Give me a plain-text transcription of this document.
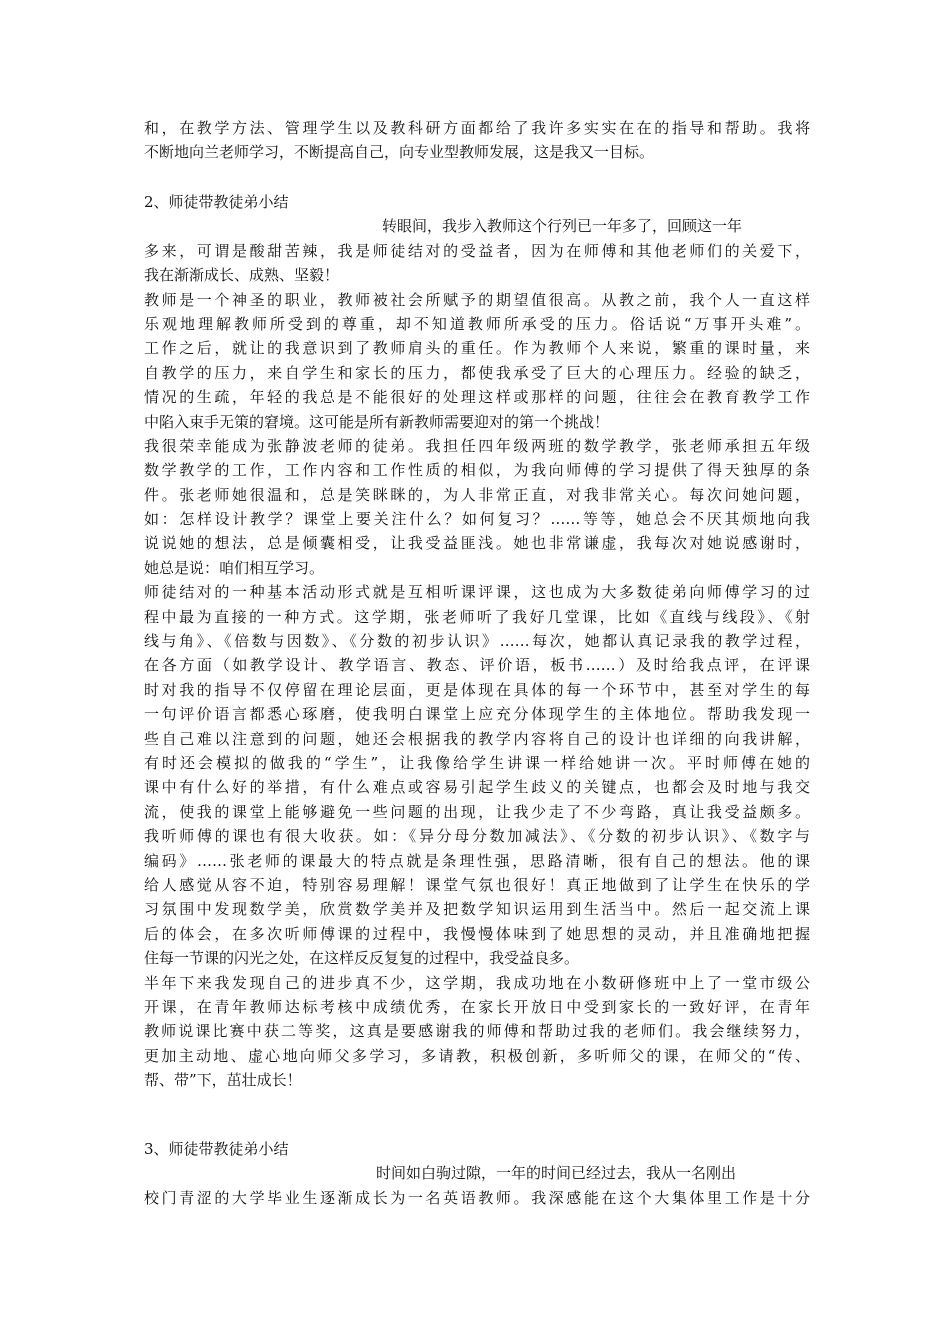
和，在教学方法、管理学生以及教科研方面都给了我许多实实在在的指导和帮助。我将
不断地向兰老师学习，不断提高自己，向专业型教师发展，这是我又一目标。
2、师徒带教徒弟小结
转眼间，我步入教师这个行列已一年多了，回顾这一年
多来，可谓是酸甜苦辣，我是师徒结对的受益者，因为在师傅和其他老师们的关爱下，
我在渐渐成长、成熟、坚毅！
教师是一个神圣的职业，教师被社会所赋予的期望值很高。从教之前，我个人一直这样
乐观地理解教师所受到的尊重，却不知道教师所承受的压力。俗话说“万事开头难”。
工作之后，就让的我意识到了教师肩头的重任。作为教师个人来说，繁重的课时量，来
自教学的压力，来自学生和家长的压力，都使我承受了巨大的心理压力。经验的缺乏，
情况的生疏，年轻的我总是不能很好的处理这样或那样的问题，往往会在教育教学工作
中陷入束手无策的窘境。这可能是所有新教师需要迎对的第一个挑战！
我很荣幸能成为张静波老师的徒弟。我担任四年级两班的数学教学，张老师承担五年级
数学教学的工作，工作内容和工作性质的相似，为我向师傅的学习提供了得天独厚的条
件。张老师她很温和，总是笑眯眯的，为人非常正直，对我非常关心。每次问她问题，
如：怎样设计教学？课堂上要关注什么？如何复习？……等等，她总会不厌其烦地向我
说说她的想法，总是倾囊相受，让我受益匪浅。她也非常谦虚，我每次对她说感谢时，
她总是说：咱们相互学习。
师徒结对的一种基本活动形式就是互相听课评课，这也成为大多数徒弟向师傅学习的过
程中最为直接的一种方式。这学期，张老师听了我好几堂课，比如《直线与线段》、《射
线与角》、《倍数与因数》、《分数的初步认识》……每次，她都认真记录我的教学过程，
在各方面（如教学设计、教学语言、教态、评价语，板书……）及时给我点评，在评课
时对我的指导不仅停留在理论层面，更是体现在具体的每一个环节中，甚至对学生的每
一句评价语言都悉心琢磨，使我明白课堂上应充分体现学生的主体地位。帮助我发现一
些自己难以注意到的问题，她还会根据我的教学内容将自己的设计也详细的向我讲解，
有时还会模拟的做我的“学生”，让我像给学生讲课一样给她讲一次。平时师傅在她的
课中有什么好的举措，有什么难点或容易引起学生歧义的关键点，也都会及时地与我交
流，使我的课堂上能够避免一些问题的出现，让我少走了不少弯路，真让我受益颇多。
我听师傅的课也有很大收获。如：《异分母分数加减法》、《分数的初步认识》、《数字与
编码》……张老师的课最大的特点就是条理性强，思路清晰，很有自己的想法。他的课
给人感觉从容不迫，特别容易理解！课堂气氛也很好！真正地做到了让学生在快乐的学
习氛围中发现数学美，欣赏数学美并及把数学知识运用到生活当中。然后一起交流上课
后的体会，在多次听师傅课的过程中，我慢慢体味到了她思想的灵动，并且准确地把握
住每一节课的闪光之处，在这样反反复复的过程中，我受益良多。
半年下来我发现自己的进步真不少，这学期，我成功地在小数研修班中上了一堂市级公
开课，在青年教师达标考核中成绩优秀，在家长开放日中受到家长的一致好评，在青年
教师说课比赛中获二等奖，这真是要感谢我的师傅和帮助过我的老师们。我会继续努力，
更加主动地、虚心地向师父多学习，多请教，积极创新，多听师父的课，在师父的“传、
帮、带”下，茁壮成长！
3、师徒带教徒弟小结
时间如白驹过隙，一年的时间已经过去，我从一名刚出
校门青涩的大学毕业生逐渐成长为一名英语教师。我深感能在这个大集体里工作是十分
